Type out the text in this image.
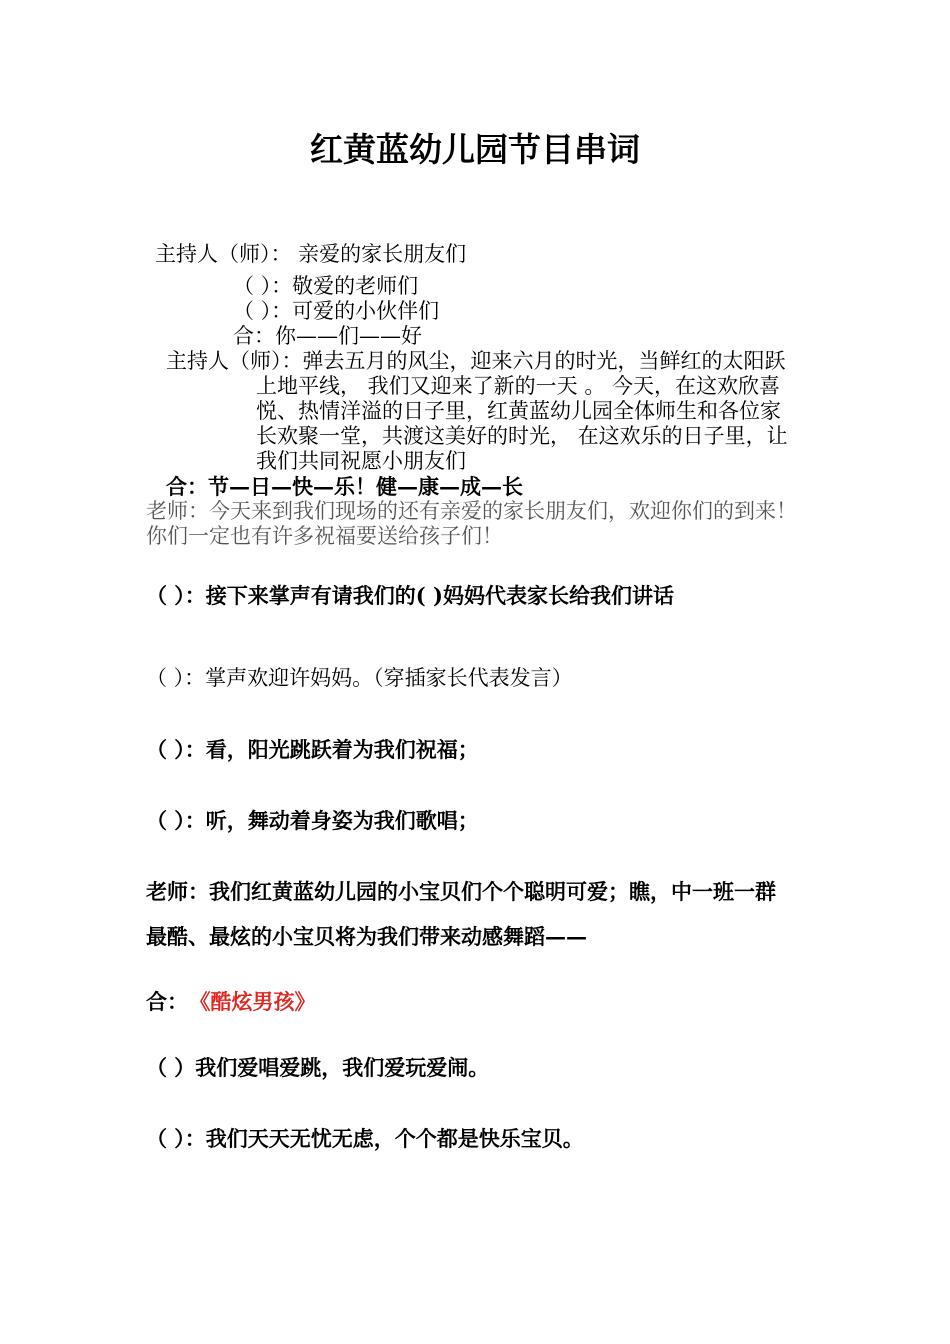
红黄蓝幼儿园节目串词
主持人（师）： 亲爱的家长朋友们
（ ）：敬爱的老师们
（ ）：可爱的小伙伴们
合：你——们——好
主持人（师）：弹去五月的风尘，迎来六月的时光，当鲜红的太阳跃
上地平线， 我们又迎来了新的一天 。 今天，在这欢欣喜
悦、热情洋溢的日子里，红黄蓝幼儿园全体师生和各位家
长欢聚一堂，共渡这美好的时光， 在这欢乐的日子里，让
我们共同祝愿小朋友们
合：节—日—快—乐！健—康—成—长
老师：今天来到我们现场的还有亲爱的家长朋友们，欢迎你们的到来！
你们一定也有许多祝福要送给孩子们！
（ ）：接下来掌声有请我们的( )妈妈代表家长给我们讲话
（ ）：掌声欢迎许妈妈。（穿插家长代表发言）
（ ）：看，阳光跳跃着为我们祝福；
（ ）：听，舞动着身姿为我们歌唱；
老师：我们红黄蓝幼儿园的小宝贝们个个聪明可爱；瞧，中一班一群
最酷、最炫的小宝贝将为我们带来动感舞蹈——
合： 《酷炫男孩》
（ ）我们爱唱爱跳，我们爱玩爱闹。
（ ）：我们天天无忧无虑，个个都是快乐宝贝。
